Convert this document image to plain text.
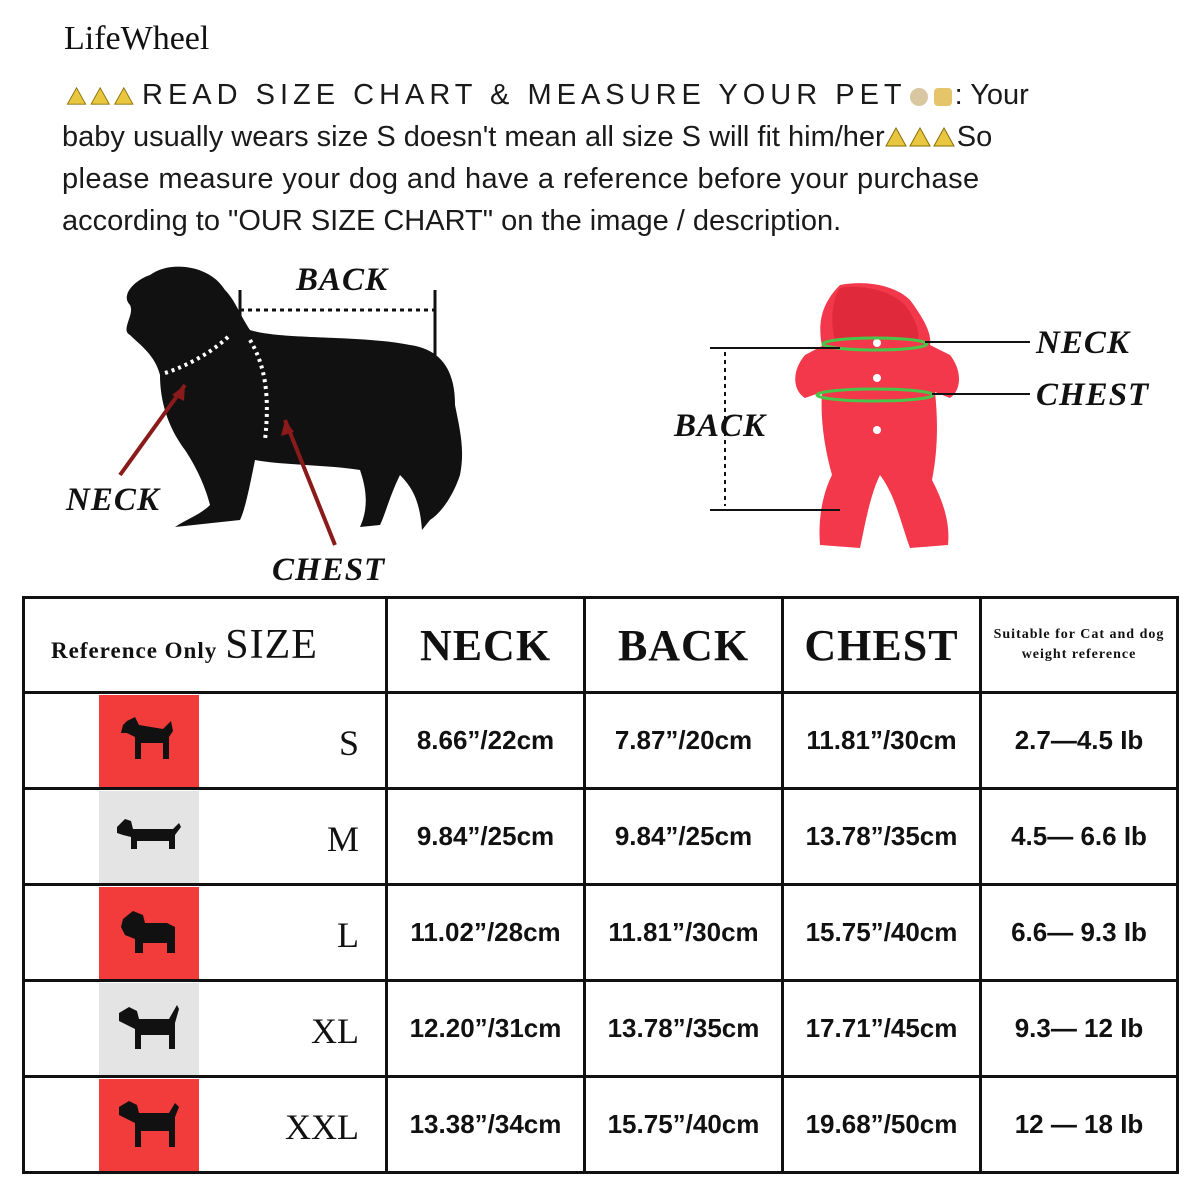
LifeWheel
READ SIZE CHART & MEASURE YOUR PET : Your
baby usually wears size S doesn't mean all size S will fit him/her So
please measure your dog and have a reference before your purchase
according to "OUR SIZE CHART" on the image / description.
BACK
NECK
CHEST
NECK
CHEST
BACK
Reference Only SIZE	NECK	BACK	CHEST	Suitable for Cat and dog
weight reference

S	8.66”/22cm	7.87”/20cm	11.81”/30cm	2.7—4.5 Ib

M	9.84”/25cm	9.84”/25cm	13.78”/35cm	4.5— 6.6 Ib

L	11.02”/28cm	11.81”/30cm	15.75”/40cm	6.6— 9.3 Ib

XL	12.20”/31cm	13.78”/35cm	17.71”/45cm	9.3— 12 Ib

XXL	13.38”/34cm	15.75”/40cm	19.68”/50cm	12 — 18 Ib
